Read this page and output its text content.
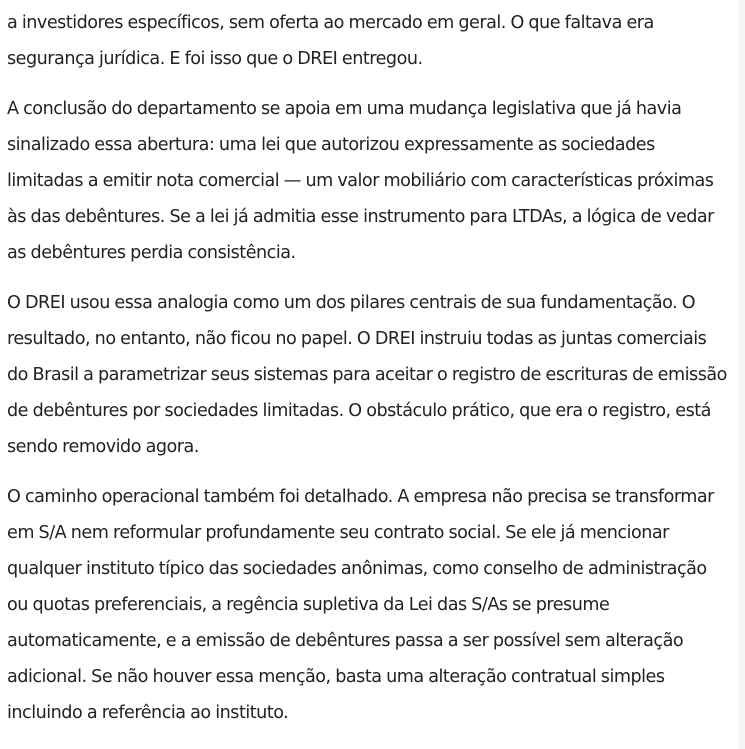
a investidores específicos, sem oferta ao mercado em geral. O que faltava era
segurança jurídica. E foi isso que o DREI entregou.

A conclusão do departamento se apoia em uma mudança legislativa que já havia
sinalizado essa abertura: uma lei que autorizou expressamente as sociedades
limitadas a emitir nota comercial — um valor mobiliário com características próximas
às das debêntures. Se a lei já admitia esse instrumento para LTDAs, a lógica de vedar
as debêntures perdia consistência.

O DREI usou essa analogia como um dos pilares centrais de sua fundamentação. O
resultado, no entanto, não ficou no papel. O DREI instruiu todas as juntas comerciais
do Brasil a parametrizar seus sistemas para aceitar o registro de escrituras de emissão
de debêntures por sociedades limitadas. O obstáculo prático, que era o registro, está
sendo removido agora.

O caminho operacional também foi detalhado. A empresa não precisa se transformar
em S/A nem reformular profundamente seu contrato social. Se ele já mencionar
qualquer instituto típico das sociedades anônimas, como conselho de administração
ou quotas preferenciais, a regência supletiva da Lei das S/As se presume
automaticamente, e a emissão de debêntures passa a ser possível sem alteração
adicional. Se não houver essa menção, basta uma alteração contratual simples
incluindo a referência ao instituto.
